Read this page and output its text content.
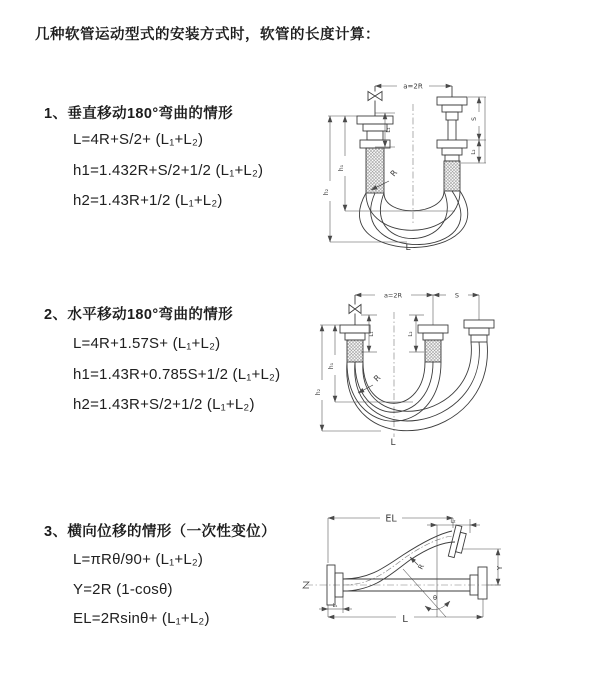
几种软管运动型式的安装方式时，软管的长度计算：
1、垂直移动180°弯曲的情形
L=4R+S/2+ (L₁+L₂)
h1=1.432R+S/2+1/2 (L₁+L₂)
h2=1.43R+1/2 (L₁+L₂)
2、水平移动180°弯曲的情形
L=4R+1.57S+ (L₁+L₂)
h1=1.43R+0.785S+1/2 (L₁+L₂)
h2=1.43R+S/2+1/2 (L₁+L₂)
3、横向位移的情形（一次性变位）
L=πRθ/90+ (L₁+L₂)
Y=2R (1-cosθ)
EL=2Rsinθ+ (L₁+L₂)
R
a=2R
h₁
h₂
L₁
S
L₂
L
R
a=2R	S
h₁
h₂
L₁	L₂
L
R
EL	L₂
θ
Y
L
L₁
